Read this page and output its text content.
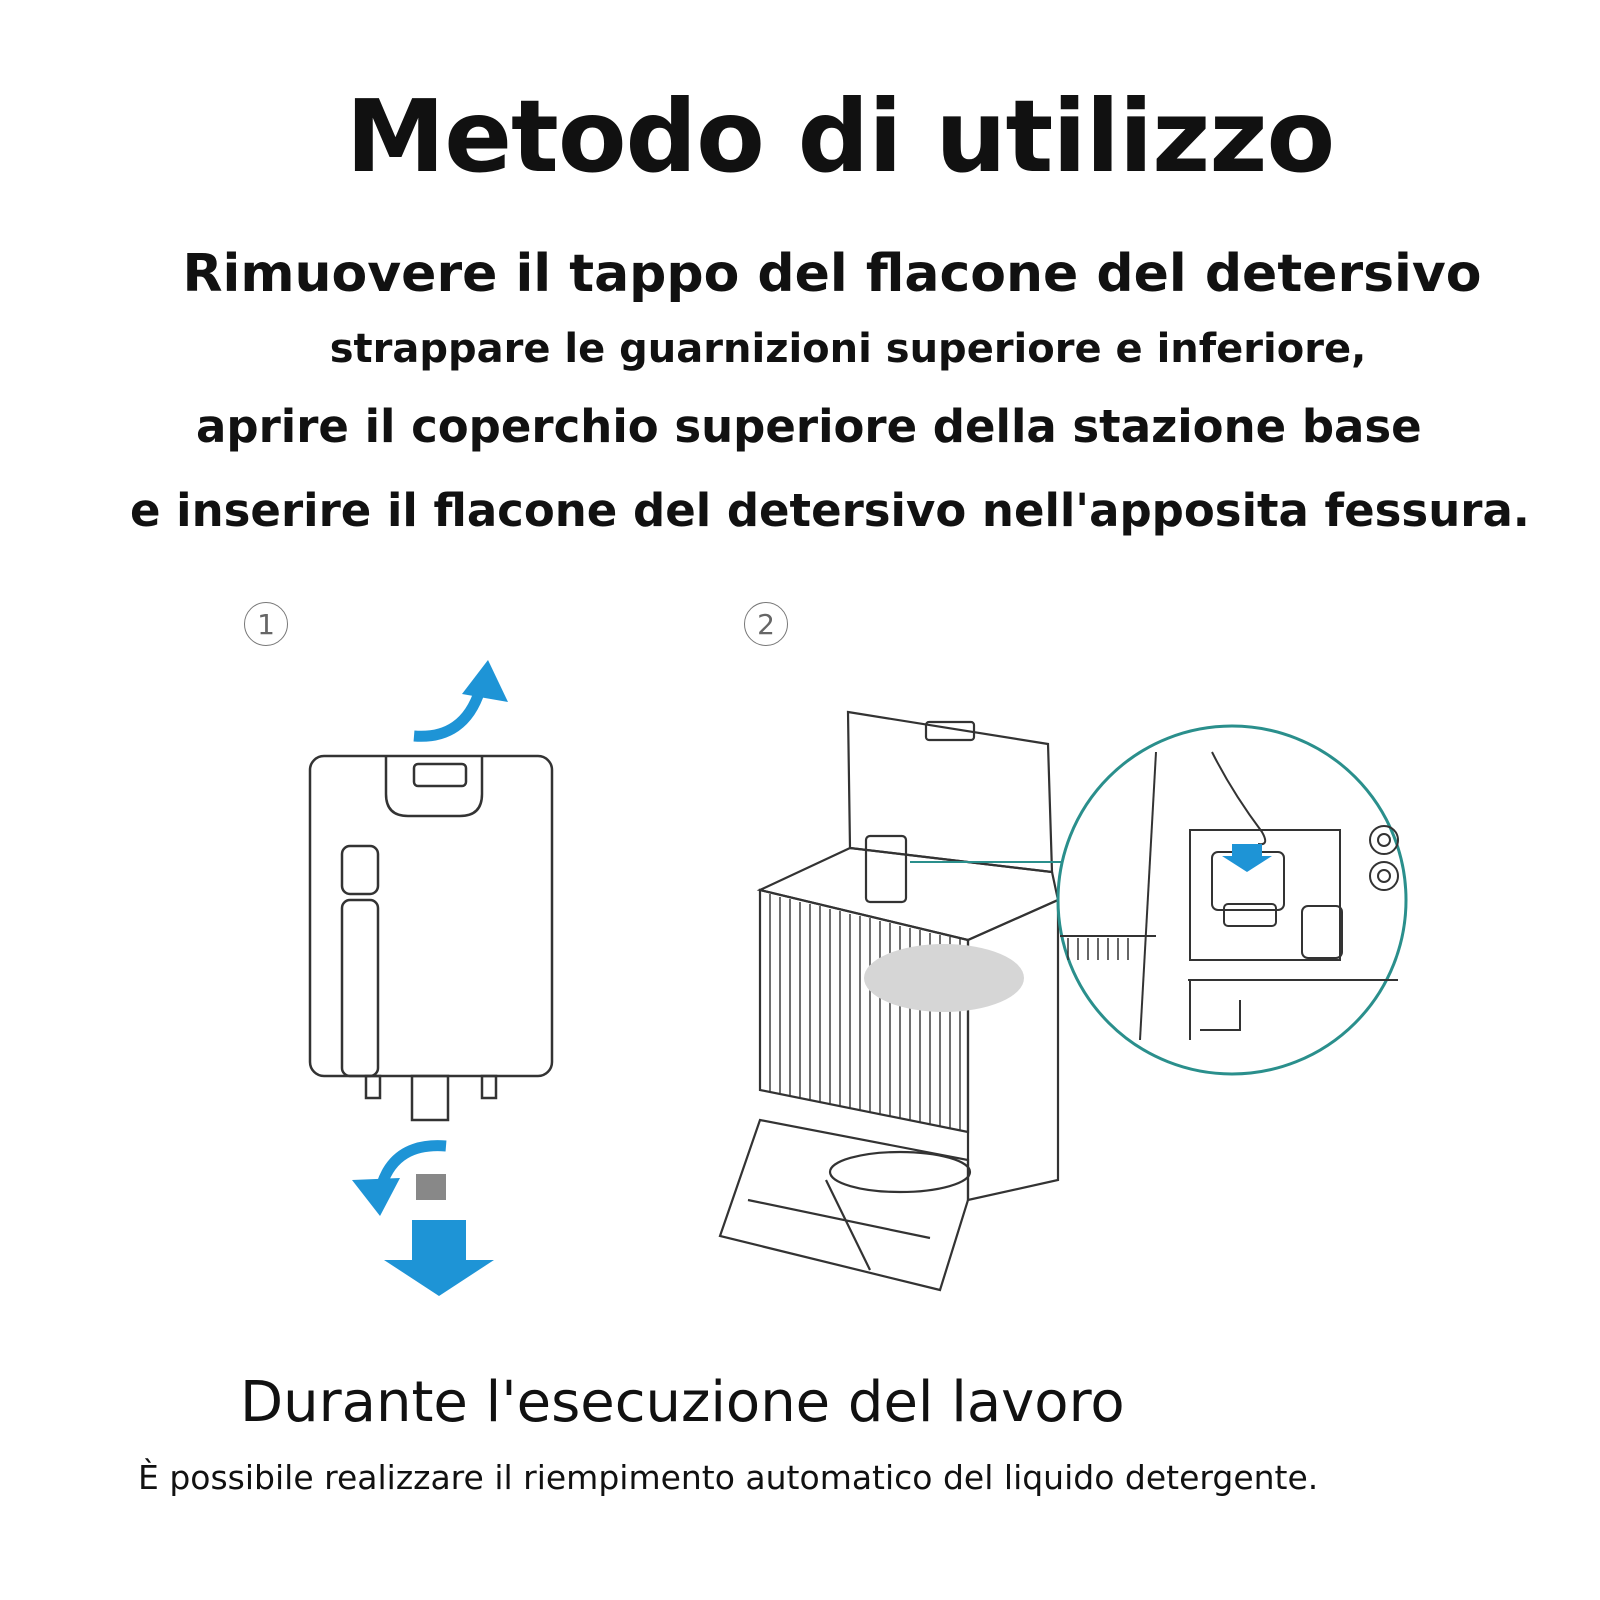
Metodo di utilizzo
Rimuovere il tappo del flacone del detersivo
strappare le guarnizioni superiore e inferiore,
aprire il coperchio superiore della stazione base
e inserire il flacone del detersivo nell'apposita fessura.
1	2
Durante l'esecuzione del lavoro
È possibile realizzare il riempimento automatico del liquido detergente.
